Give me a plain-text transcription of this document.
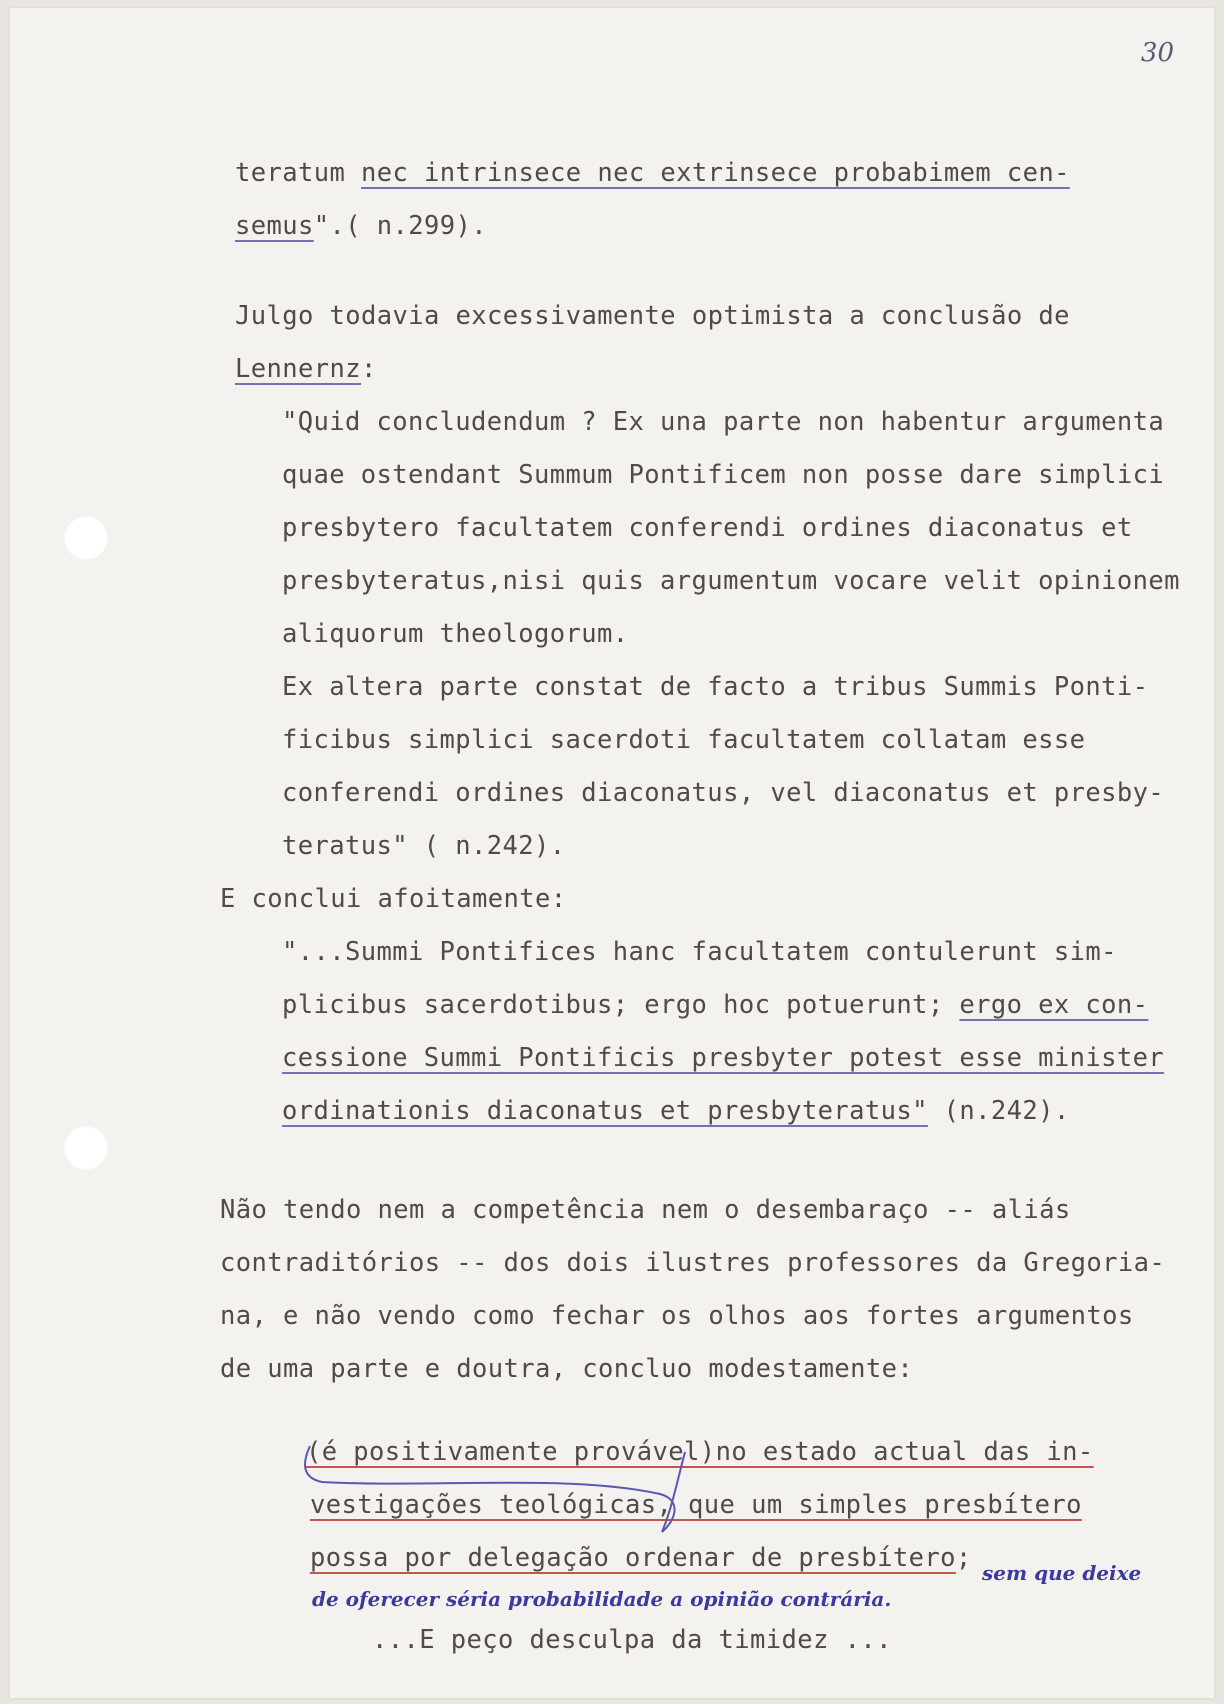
30
teratum nec intrinsece nec extrinsece probabimem cen-
semus".( n.299).
Julgo todavia excessivamente optimista a conclusão de
Lennernz:
"Quid concludendum ? Ex una parte non habentur argumenta
quae ostendant Summum Pontificem non posse dare simplici
presbytero facultatem conferendi ordines diaconatus et
presbyteratus,nisi quis argumentum vocare velit opinionem
aliquorum theologorum.
Ex altera parte constat de facto a tribus Summis Ponti-
ficibus simplici sacerdoti facultatem collatam esse
conferendi ordines diaconatus, vel diaconatus et presby-
teratus" ( n.242).
E conclui afoitamente:
"...Summi Pontifices hanc facultatem contulerunt sim-
plicibus sacerdotibus; ergo hoc potuerunt; ergo ex con-
cessione Summi Pontificis presbyter potest esse minister
ordinationis diaconatus et presbyteratus" (n.242).
Não tendo nem a competência nem o desembaraço -- aliás
contraditórios -- dos dois ilustres professores da Gregoria-
na, e não vendo como fechar os olhos aos fortes argumentos
de uma parte e doutra, concluo modestamente:
(é positivamente provável)no estado actual das in-
vestigações teológicas, que um simples presbítero
possa por delegação ordenar de presbítero; sem que deixe
de oferecer séria probabilidade a opinião contrária.
...E peço desculpa da timidez ...
